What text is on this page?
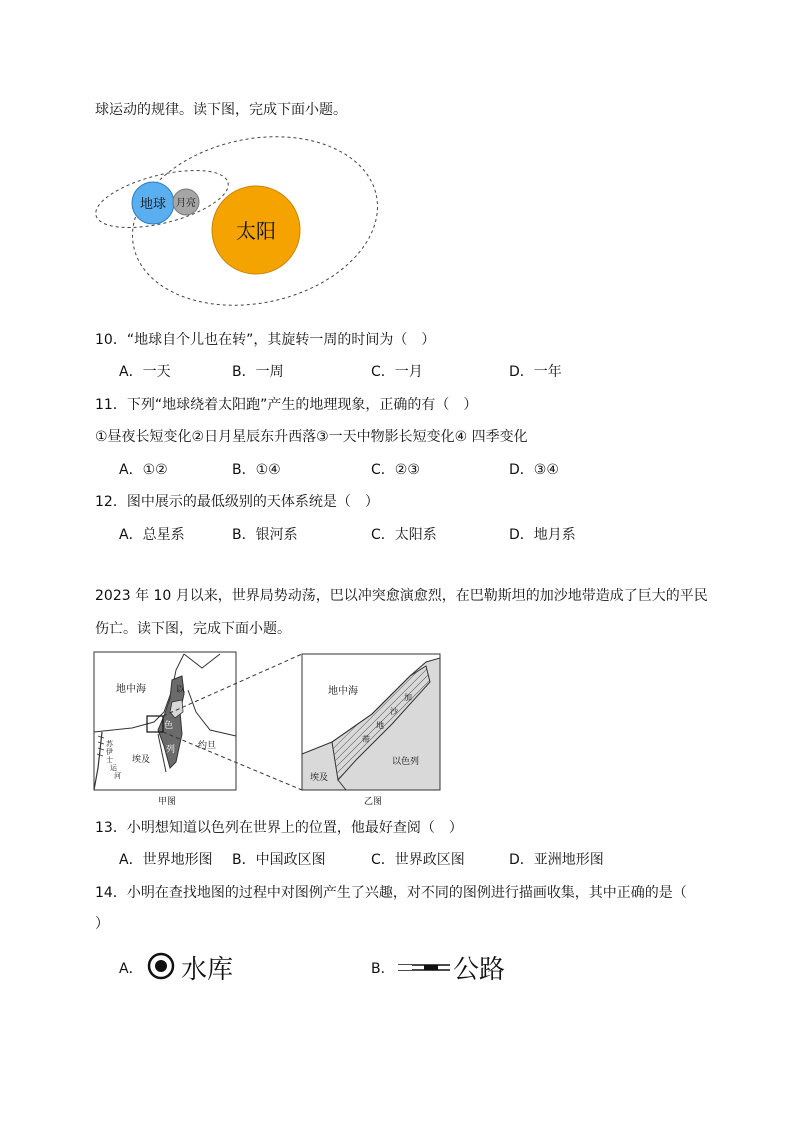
球运动的规律。读下图，完成下面小题。
地球 月亮
太阳
10．“地球自个儿也在转”，其旋转一周的时间为（　）
A．一天	B．一周	C．一月	D．一年
11．下列“地球绕着太阳跑”产生的地理现象，正确的有（　）
①昼夜长短变化②日月星辰东升西落③一天中物影长短变化④ 四季变化
A．①②	B．①④	C．②③	D．③④
12．图中展示的最低级别的天体系统是（　）
A．总星系	B．银河系	C．太阳系	D．地月系
2023 年 10 月以来，世界局势动荡，巴以冲突愈演愈烈，在巴勒斯坦的加沙地带造成了巨大的平民
伤亡。读下图，完成下面小题。
地中海	以
色
列	约旦
埃及
苏
伊
士
运
河
甲图
地中海
加
沙
地
带
埃及
以色列
乙图
13．小明想知道以色列在世界上的位置，他最好查阅（　）
A．世界地形图 B．中国政区图	C．世界政区图	D．亚洲地形图
14．小明在查找地图的过程中对图例产生了兴趣，对不同的图例进行描画收集，其中正确的是（
）
A． 水库	B． 公路
